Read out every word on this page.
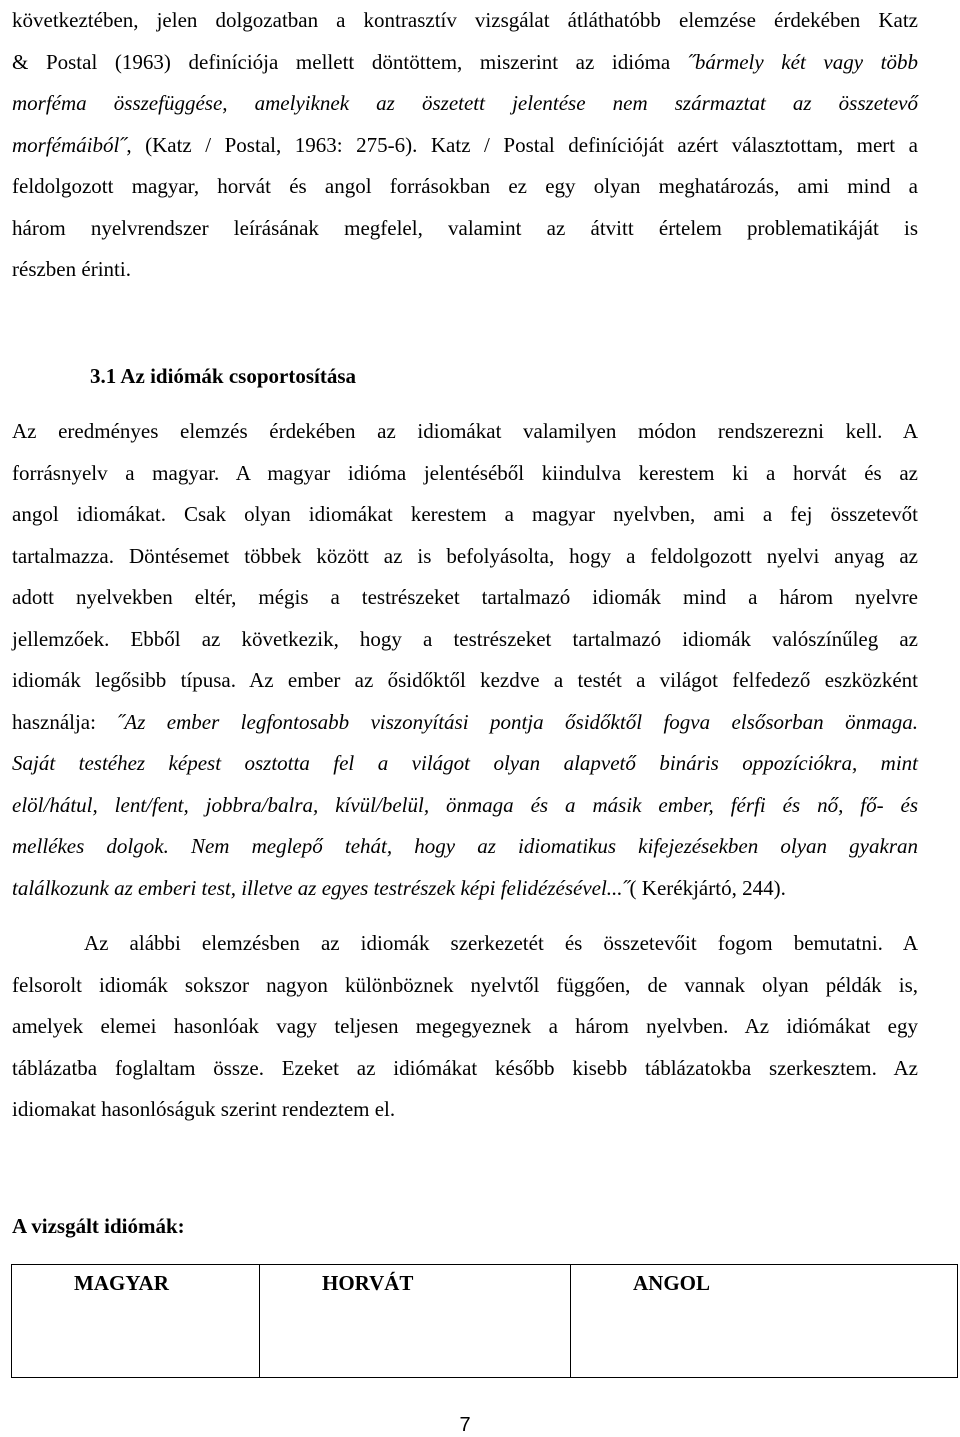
következtében, jelen dolgozatban a kontrasztív vizsgálat átláthatóbb elemzése érdekében Katz
& Postal (1963) definíciója mellett döntöttem, miszerint az idióma ˝bármely két vagy több
morféma összefüggése, amelyiknek az öszetett jelentése nem származtat az összetevő
morfémáiból˝, (Katz / Postal, 1963: 275-6). Katz / Postal definícióját azért választottam, mert a
feldolgozott magyar, horvát és angol forrásokban ez egy olyan meghatározás, ami mind a
három nyelvrendszer leírásának megfelel, valamint az átvitt értelem problematikáját is
részben érinti.
3.1 Az idiómák csoportosítása
Az eredményes elemzés érdekében az idiomákat valamilyen módon rendszerezni kell. A
forrásnyelv a magyar. A magyar idióma jelentéséből kiindulva kerestem ki a horvát és az
angol idiomákat. Csak olyan idiomákat kerestem a magyar nyelvben, ami a fej összetevőt
tartalmazza. Döntésemet többek között az is befolyásolta, hogy a feldolgozott nyelvi anyag az
adott nyelvekben eltér, mégis a testrészeket tartalmazó idiomák mind a három nyelvre
jellemzőek. Ebből az következik, hogy a testrészeket tartalmazó idiomák valószínűleg az
idiomák legősibb típusa. Az ember az ősidőktől kezdve a testét a világot felfedező eszközként
használja: ˝Az ember legfontosabb viszonyítási pontja ősidőktől fogva elsősorban önmaga.
Saját testéhez képest osztotta fel a világot olyan alapvető bináris oppozíciókra, mint
elöl/hátul, lent/fent, jobbra/balra, kívül/belül, önmaga és a másik ember, férfi és nő, fő- és
mellékes dolgok. Nem meglepő tehát, hogy az idiomatikus kifejezésekben olyan gyakran
találkozunk az emberi test, illetve az egyes testrészek képi felidézésével...˝( Kerékjártó, 244).
Az alábbi elemzésben az idiomák szerkezetét és összetevőit fogom bemutatni. A
felsorolt idiomák sokszor nagyon különböznek nyelvtől függően, de vannak olyan példák is,
amelyek elemei hasonlóak vagy teljesen megegyeznek a három nyelvben. Az idiómákat egy
táblázatba foglaltam össze. Ezeket az idiómákat később kisebb táblázatokba szerkesztem. Az
idiomakat hasonlóságuk szerint rendeztem el.
A vizsgált idiómák:
MAGYAR	HORVÁT	ANGOL
7
